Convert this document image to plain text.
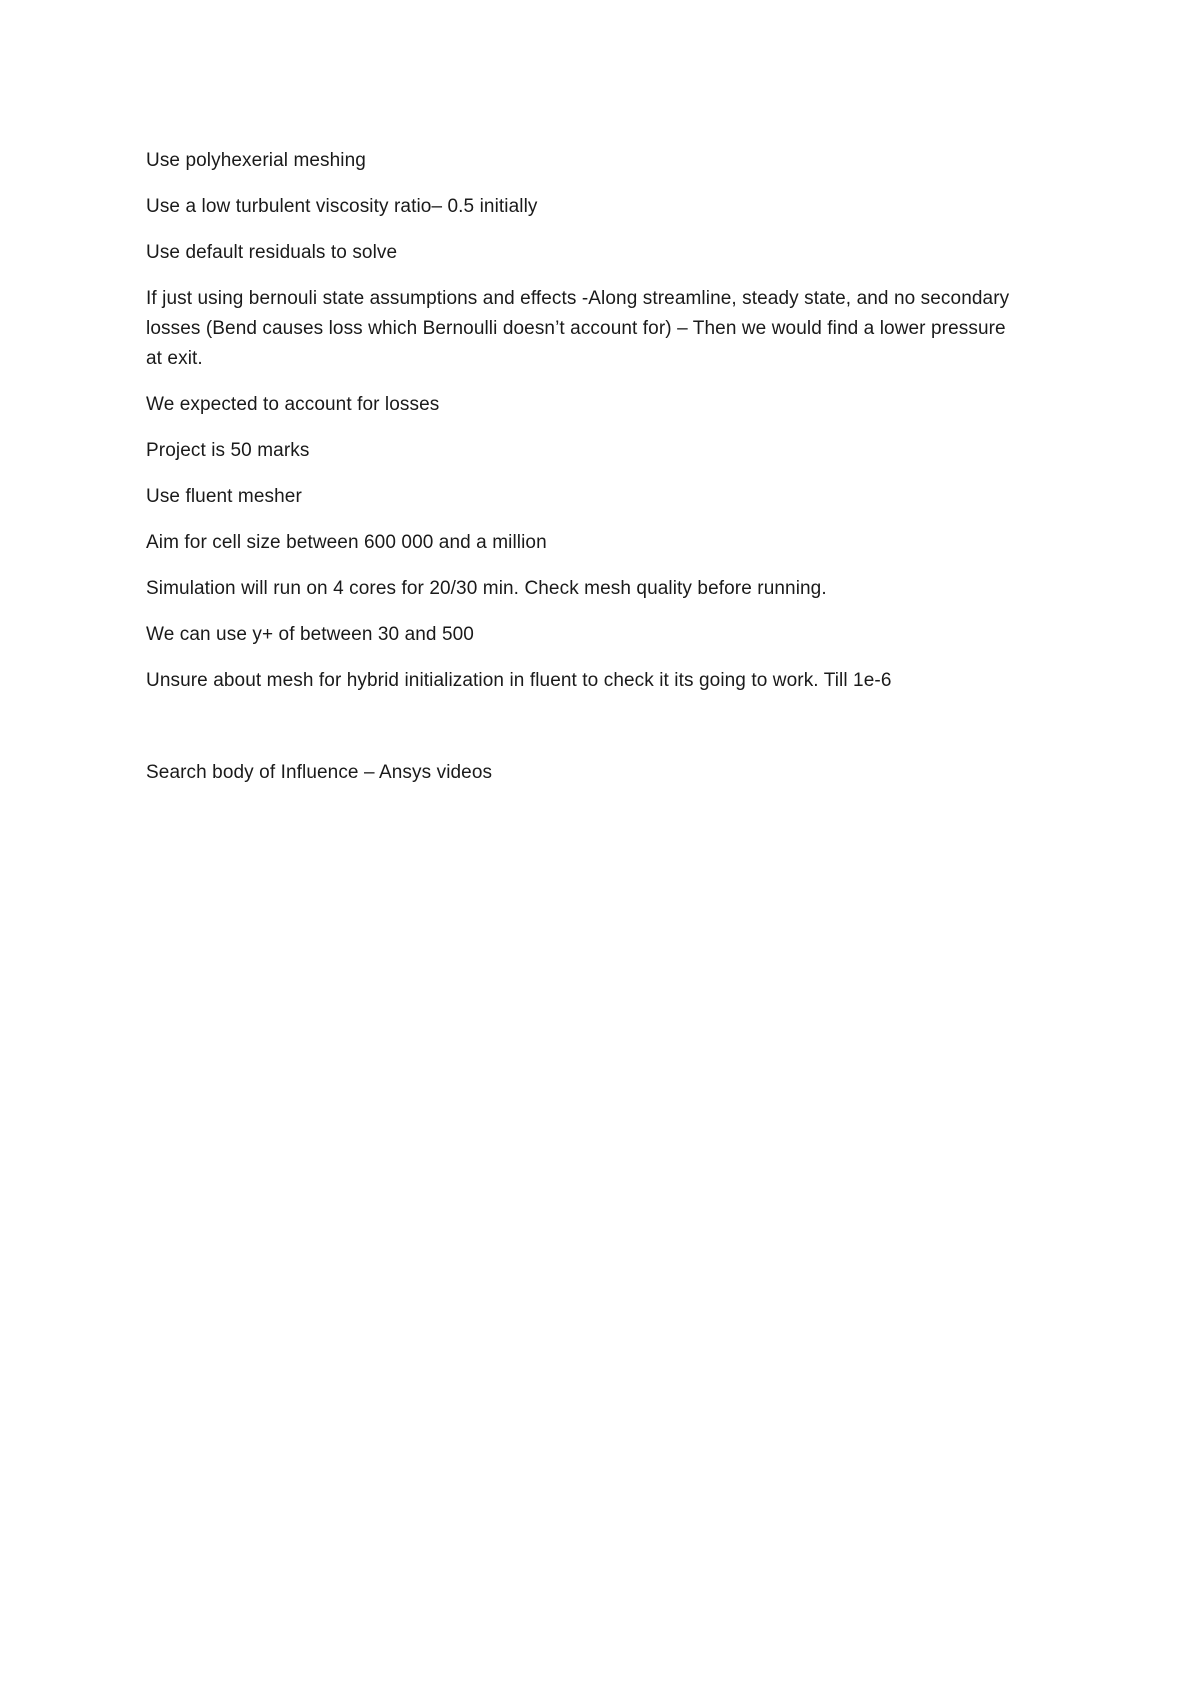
Use polyhexerial meshing

Use a low turbulent viscosity ratio– 0.5 initially

Use default residuals to solve

If just using bernouli state assumptions and effects -Along streamline, steady state, and no secondary losses (Bend causes loss which Bernoulli doesn’t account for) – Then we would find a lower pressure at exit.

We expected to account for losses

Project is 50 marks

Use fluent mesher

Aim for cell size between 600 000 and a million

Simulation will run on 4 cores for 20/30 min. Check mesh quality before running.

We can use y+ of between 30 and 500

Unsure about mesh for hybrid initialization in fluent to check it its going to work. Till 1e-6

Search body of Influence – Ansys videos
